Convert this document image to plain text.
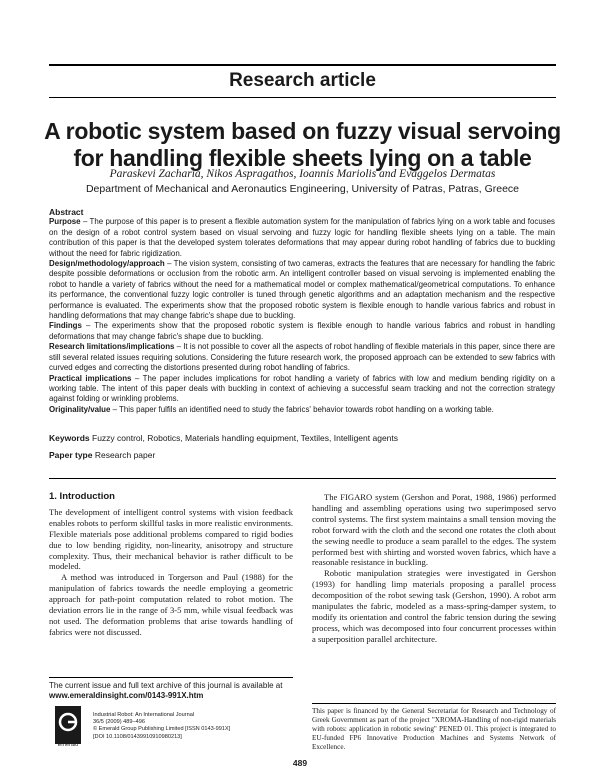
Research article
A robotic system based on fuzzy visual servoing
for handling flexible sheets lying on a table
Paraskevi Zacharia, Nikos Aspragathos, Ioannis Mariolis and Evaggelos Dermatas
Department of Mechanical and Aeronautics Engineering, University of Patras, Patras, Greece
Abstract

Purpose – The purpose of this paper is to present a flexible automation system for the manipulation of fabrics lying on a work table and focuses on the design of a robot control system based on visual servoing and fuzzy logic for handling flexible sheets lying on a table. The main contribution of this paper is that the developed system tolerates deformations that may appear during robot handling of fabrics due to buckling without the need for fabric rigidization.

Design/methodology/approach – The vision system, consisting of two cameras, extracts the features that are necessary for handling the fabric despite possible deformations or occlusion from the robotic arm. An intelligent controller based on visual servoing is implemented enabling the robot to handle a variety of fabrics without the need for a mathematical model or complex mathematical/geometrical computations. To enhance its performance, the conventional fuzzy logic controller is tuned through genetic algorithms and an adaptation mechanism and the respective performance is evaluated. The experiments show that the proposed robotic system is flexible enough to handle various fabrics and robust in handling deformations that may change fabric's shape due to buckling.

Findings – The experiments show that the proposed robotic system is flexible enough to handle various fabrics and robust in handling deformations that may change fabric's shape due to buckling.

Research limitations/implications – It is not possible to cover all the aspects of robot handling of flexible materials in this paper, since there are still several related issues requiring solutions. Considering the future research work, the proposed approach can be extended to sew fabrics with curved edges and correcting the distortions presented during robot handling of fabrics.

Practical implications – The paper includes implications for robot handling a variety of fabrics with low and medium bending rigidity on a working table. The intent of this paper deals with buckling in context of achieving a successful seam tracking and not the correction strategy against folding or wrinkling problems.

Originality/value – This paper fulfils an identified need to study the fabrics' behavior towards robot handling on a working table.

Keywords Fuzzy control, Robotics, Materials handling equipment, Textiles, Intelligent agents
Paper type Research paper
1. Introduction

The development of intelligent control systems with vision feedback enables robots to perform skillful tasks in more realistic environments. Flexible materials pose additional problems compared to rigid bodies due to low bending rigidity, non-linearity, anisotropy and structure complexity. Thus, their mechanical behavior is rather difficult to be modeled.

A method was introduced in Torgerson and Paul (1988) for the manipulation of fabrics towards the needle employing a geometric approach for path-point computation related to robot motion. The deviation errors lie in the range of 3-5 mm, while visual feedback was not used. The deformation problems that arise towards handling of fabrics were not discussed.

The FIGARO system (Gershon and Porat, 1988, 1986) performed handling and assembling operations using two superimposed servo control systems. The first system maintains a small tension moving the robot forward with the cloth and the second one rotates the cloth about the sewing needle to produce a seam parallel to the edges. The system performed best with shirting and worsted woven fabrics, which have a reasonable resistance in buckling.

Robotic manipulation strategies were investigated in Gershon (1993) for handling limp materials proposing a parallel process decomposition of the robot sewing task (Gershon, 1990). A robot arm manipulates the fabric, modeled as a mass-spring-damper system, to modify its orientation and control the fabric tension during the sewing process, which was decomposed into four concurrent processes within a superposition parallel architecture.

The current issue and full text archive of this journal is available at
www.emeraldinsight.com/0143-991X.htm
Emerald
Industrial Robot: An International Journal
36/5 (2009) 489–496
© Emerald Group Publishing Limited [ISSN 0143-991X]
[DOI 10.1108/01439910910980213]
This paper is financed by the General Secretariat for Research and Technology of Greek Government as part of the project "XROMA-Handling of non-rigid materials with robots: application in robotic sewing" PENED 01. This project is integrated to EU-funded FP6 Innovative Production Machines and Systems Network of Excellence.
489
